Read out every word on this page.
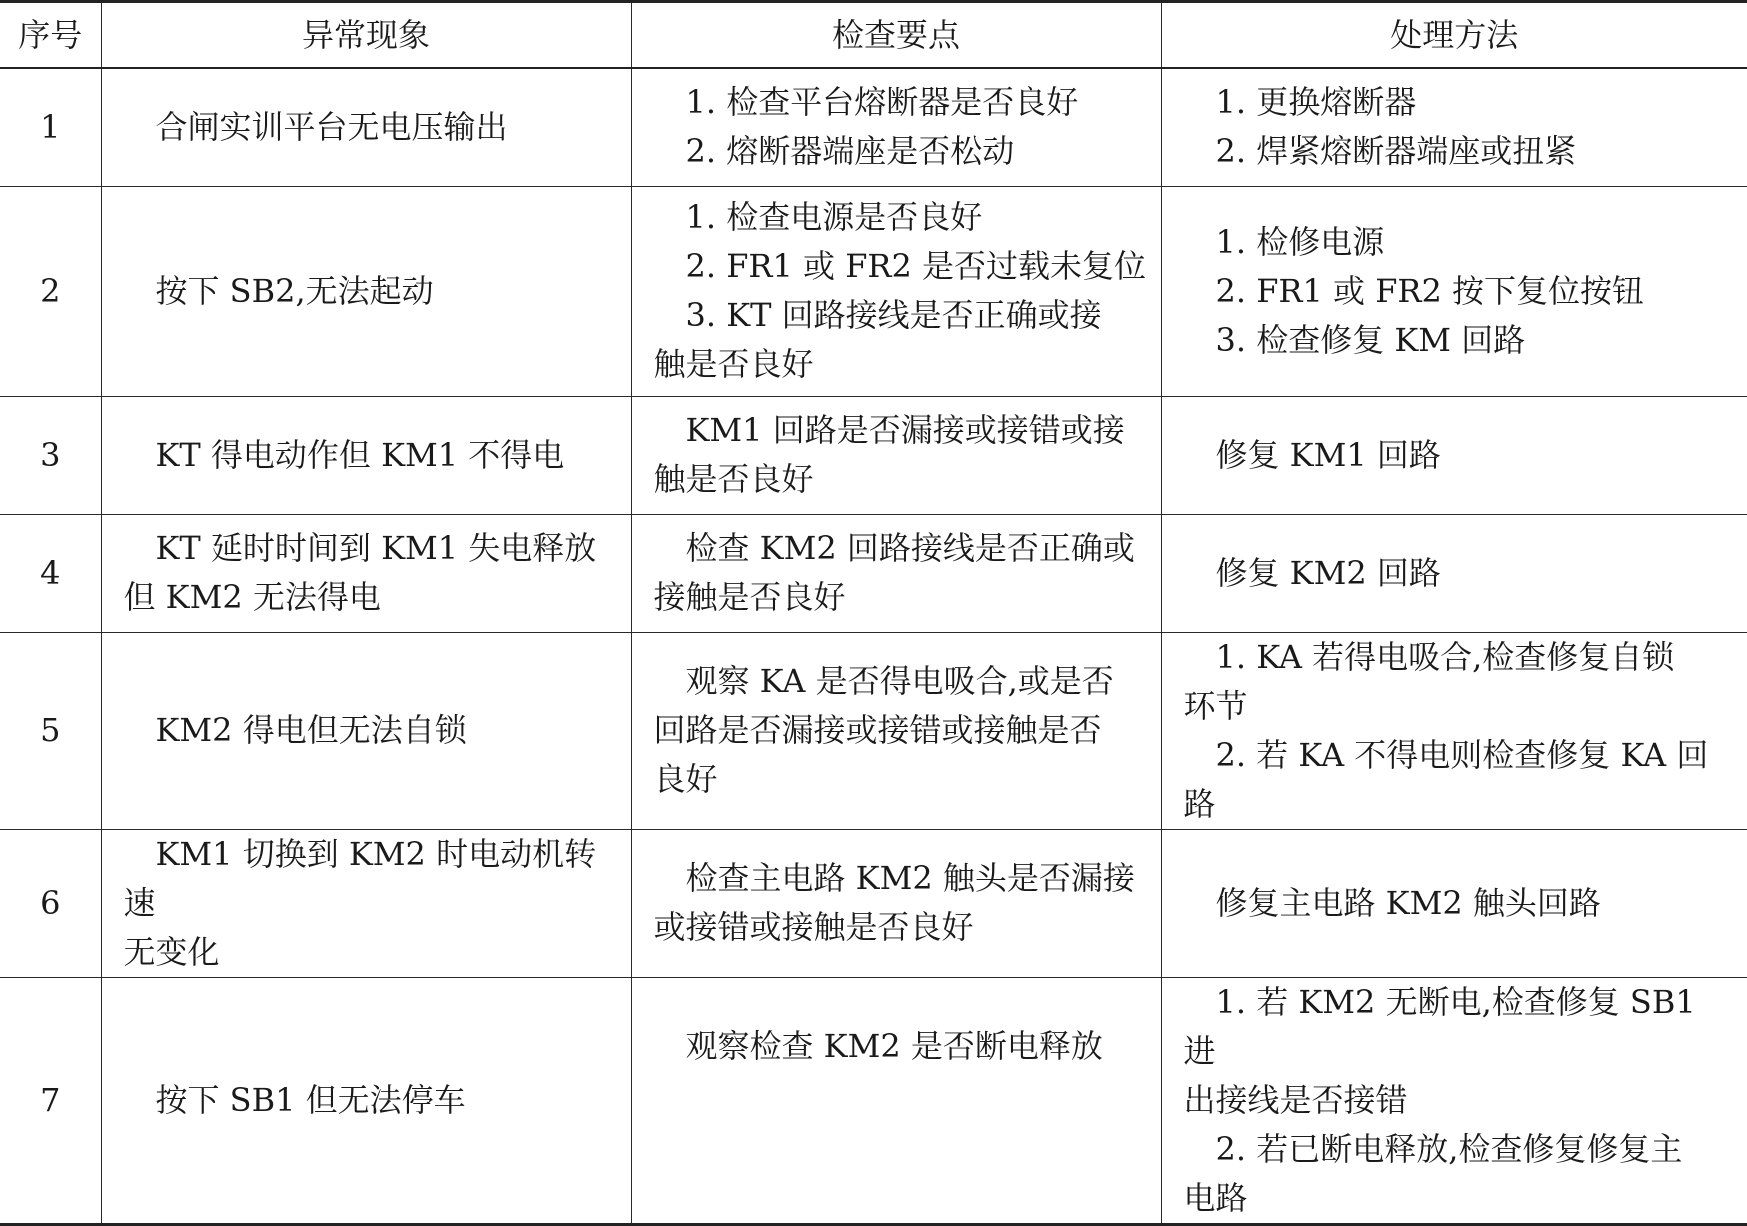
序号	异常现象	检查要点	处理方法
1	合闸实训平台无电压输出	1. 检查平台熔断器是否良好
2. 熔断器端座是否松动	1. 更换熔断器
2. 焊紧熔断器端座或扭紧

2	按下 SB2,无法起动	1. 检查电源是否良好
2. FR1 或 FR2 是否过载未复位
3. KT 回路接线是否正确或接
触是否良好	1. 检修电源
2. FR1 或 FR2 按下复位按钮
3. 检查修复 KM 回路

3	KT 得电动作但 KM1 不得电	KM1 回路是否漏接或接错或接
触是否良好	修复 KM1 回路

4	KT 延时时间到 KM1 失电释放
但 KM2 无法得电	检查 KM2 回路接线是否正确或
接触是否良好	修复 KM2 回路

5	KM2 得电但无法自锁	观察 KA 是否得电吸合,或是否
回路是否漏接或接错或接触是否
良好	1. KA 若得电吸合,检查修复自锁
环节
2. 若 KA 不得电则检查修复 KA 回路

6	KM1 切换到 KM2 时电动机转速
无变化	检查主电路 KM2 触头是否漏接
或接错或接触是否良好	修复主电路 KM2 触头回路

7	按下 SB1 但无法停车	观察检查 KM2 是否断电释放	1. 若 KM2 无断电,检查修复 SB1 进
出接线是否接错
2. 若已断电释放,检查修复修复主
电路
